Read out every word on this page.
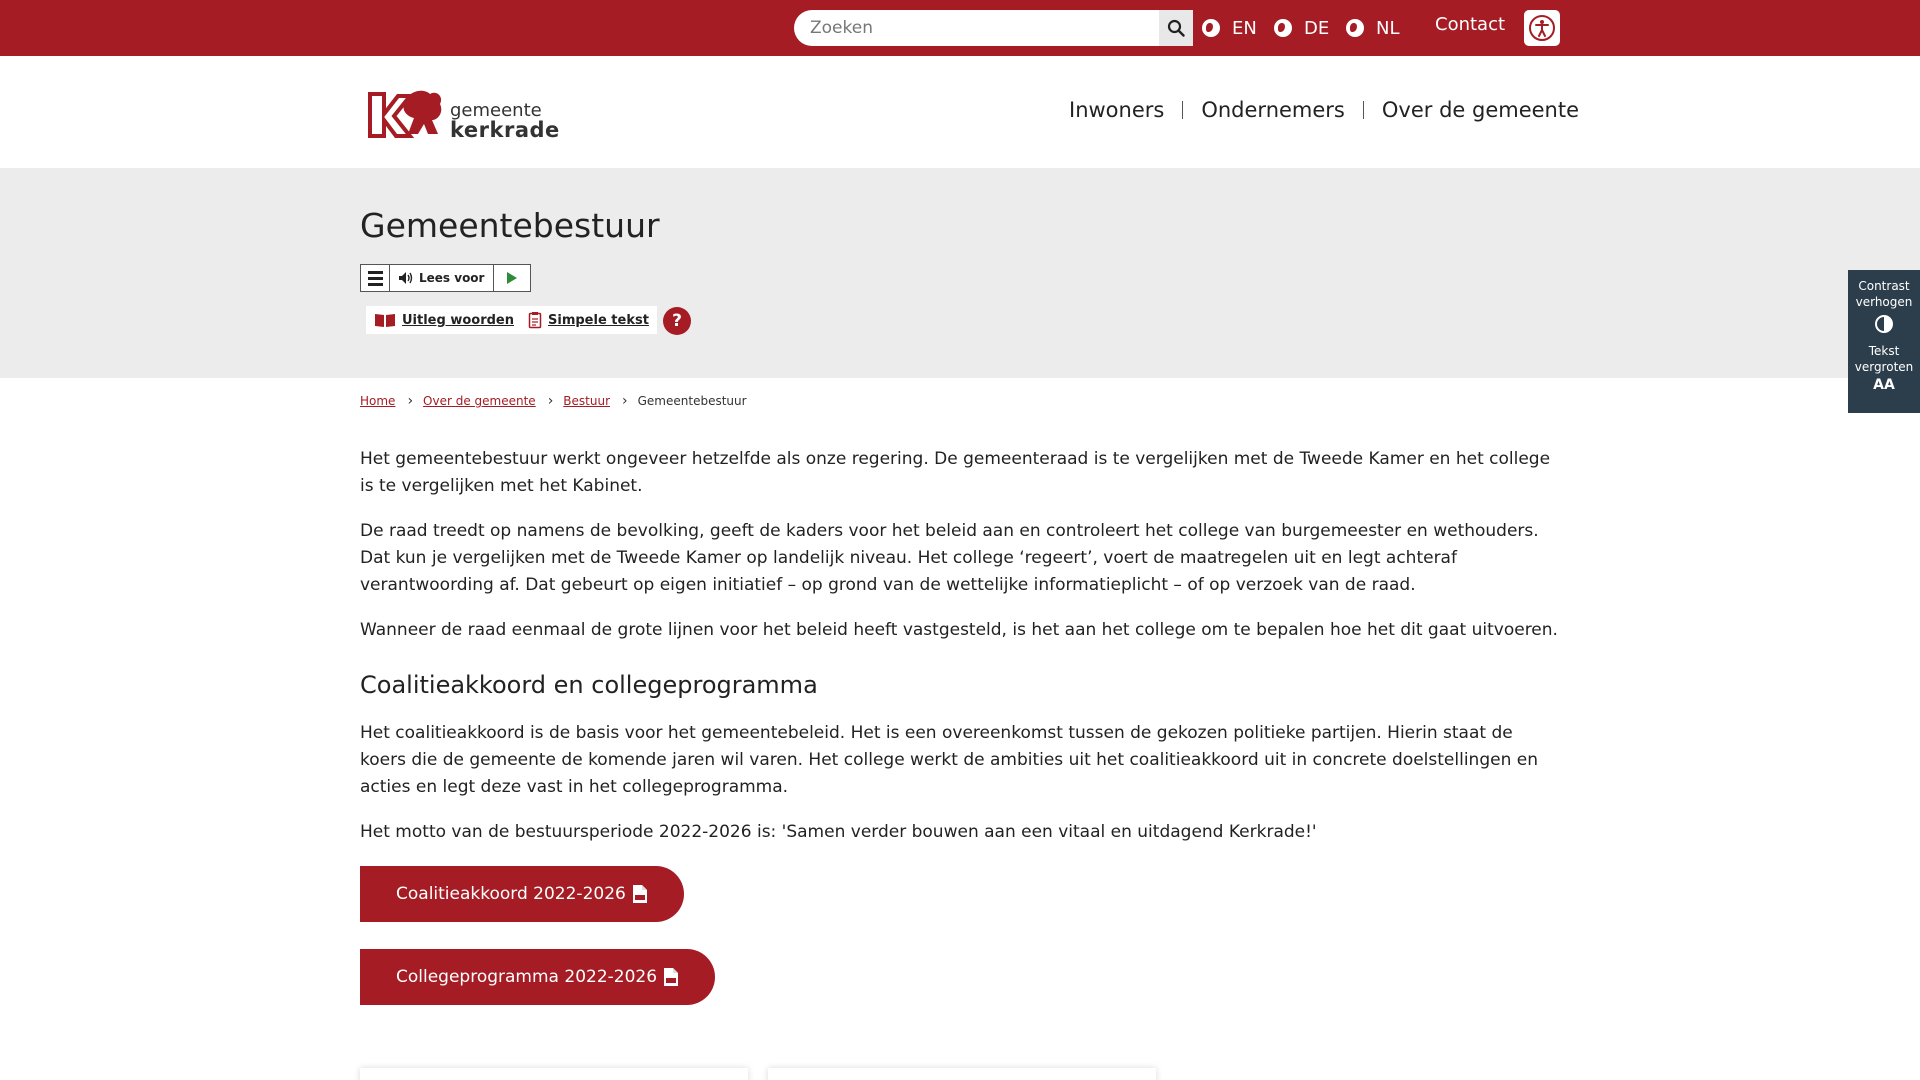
Zoeken
EN	DE	NL Contact
gemeente
kerkrade
Inwoners Ondernemers Over de gemeente
Gemeentebestuur
Lees voor
Uitleg woorden	Simpele tekst	?
Contrast
verhogen
Tekst
vergroten
AA
Home › Over de gemeente › Bestuur › Gemeentebestuur

Het gemeentebestuur werkt ongeveer hetzelfde als onze regering. De gemeenteraad is te vergelijken met de Tweede Kamer en het college is te vergelijken met het Kabinet.

De raad treedt op namens de bevolking, geeft de kaders voor het beleid aan en controleert het college van burgemeester en wethouders. Dat kun je vergelijken met de Tweede Kamer op landelijk niveau. Het college ‘regeert’, voert de maatregelen uit en legt achteraf verantwoording af. Dat gebeurt op eigen initiatief – op grond van de wettelijke informatieplicht – of op verzoek van de raad.

Wanneer de raad eenmaal de grote lijnen voor het beleid heeft vastgesteld, is het aan het college om te bepalen hoe het dit gaat uitvoeren.

Coalitieakkoord en collegeprogramma

Het coalitieakkoord is de basis voor het gemeentebeleid. Het is een overeenkomst tussen de gekozen politieke partijen. Hierin staat de koers die de gemeente de komende jaren wil varen. Het college werkt de ambities uit het coalitieakkoord uit in concrete doelstellingen en acties en legt deze vast in het collegeprogramma.

Het motto van de bestuursperiode 2022-2026 is: 'Samen verder bouwen aan een vitaal en uitdagend Kerkrade!'

Coalitieakkoord 2022-2026
Collegeprogramma 2022-2026
